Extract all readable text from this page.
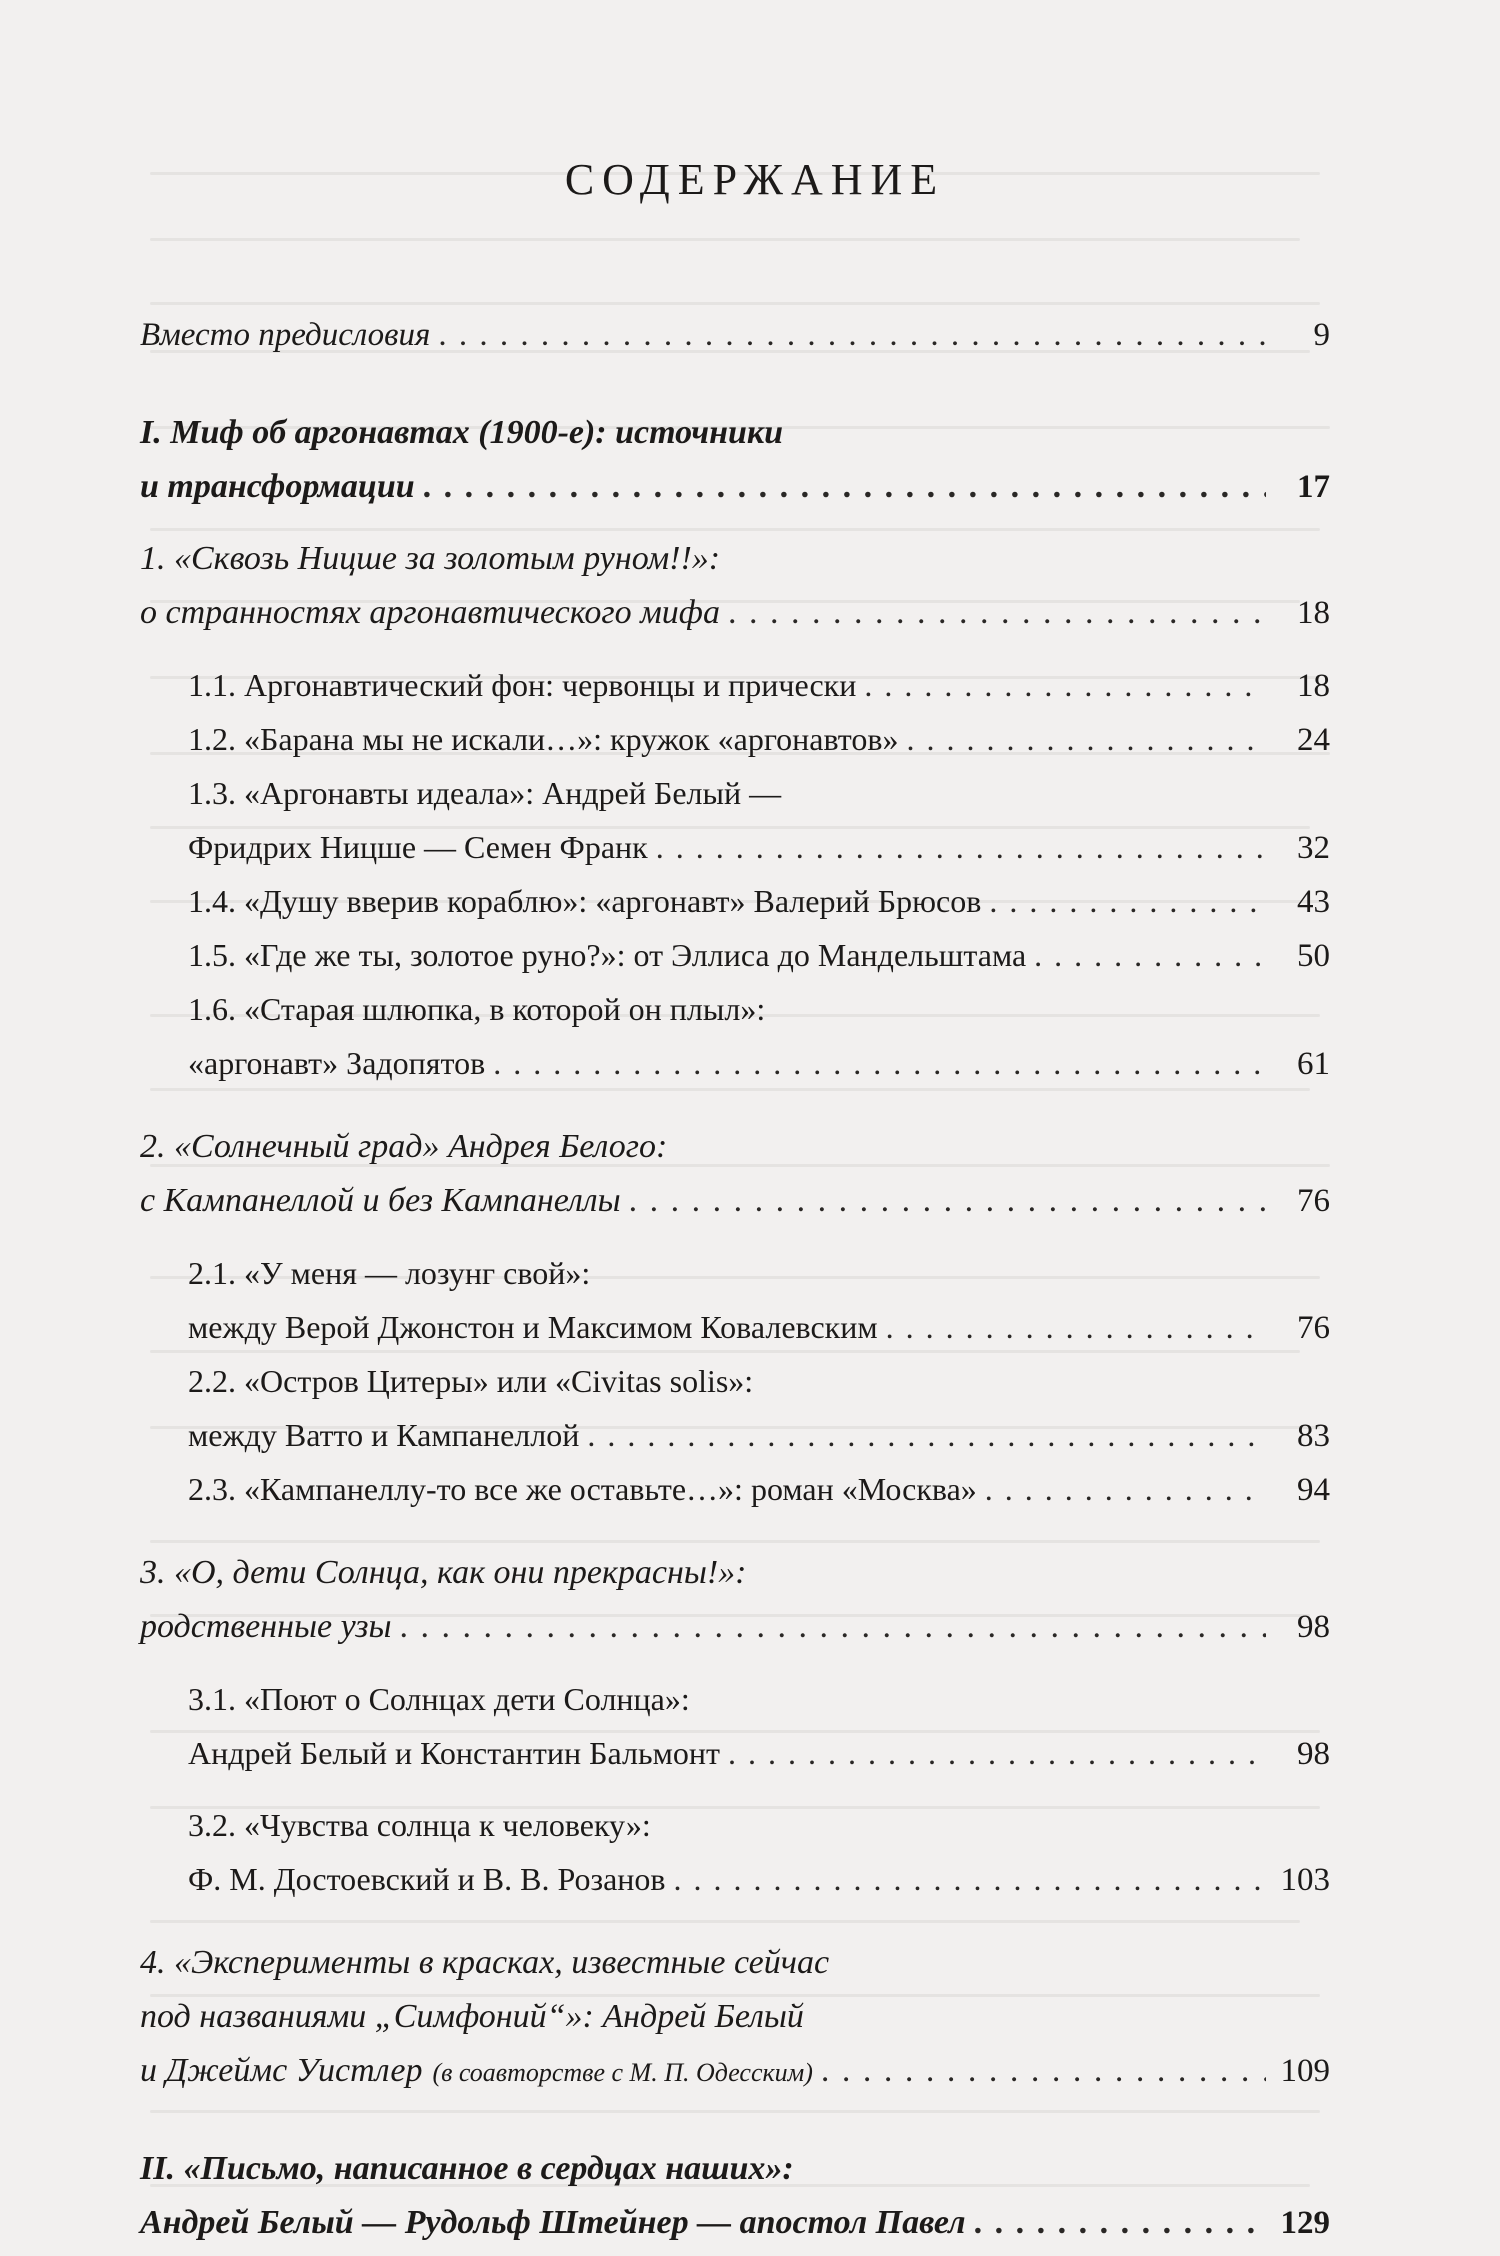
СОДЕРЖАНИЕ
Вместо предисловия . . .	9
I. Миф об аргонавтах (1900-е): источники
и трансформации . . .	17
1. «Сквозь Ницше за золотым руном!!»:
о странностях аргонавтического мифа . . .	18
1.1. Аргонавтический фон: червонцы и прически . . .	18
1.2. «Барана мы не искали…»: кружок «аргонавтов» . . .	24
1.3. «Аргонавты идеала»: Андрей Белый —
Фридрих Ницше — Семен Франк . . .	32
1.4. «Душу вверив кораблю»: «аргонавт» Валерий Брюсов . . .	43
1.5. «Где же ты, золотое руно?»: от Эллиса до Мандельштама . . .	50
1.6. «Старая шлюпка, в которой он плыл»:
«аргонавт» Задопятов . . .	61
2. «Солнечный град» Андрея Белого:
с Кампанеллой и без Кампанеллы . . .	76
2.1. «У меня — лозунг свой»:
между Верой Джонстон и Максимом Ковалевским . . .	76
2.2. «Остров Цитеры» или «Civitas solis»:
между Ватто и Кампанеллой . . .	83
2.3. «Кампанеллу-то все же оставьте…»: роман «Москва» . . .	94
3. «О, дети Солнца, как они прекрасны!»:
родственные узы . . .	98
3.1. «Поют о Солнцах дети Солнца»:
Андрей Белый и Константин Бальмонт . . .	98
3.2. «Чувства солнца к человеку»:
Ф. М. Достоевский и В. В. Розанов . . .	103
4. «Эксперименты в красках, известные сейчас
под названиями „Симфоний“»: Андрей Белый
и Джеймс Уистлер (в соавторстве с М. П. Одесским) . . .	109
II. «Письмо, написанное в сердцах наших»:
Андрей Белый — Рудольф Штейнер — апостол Павел . . .	129
